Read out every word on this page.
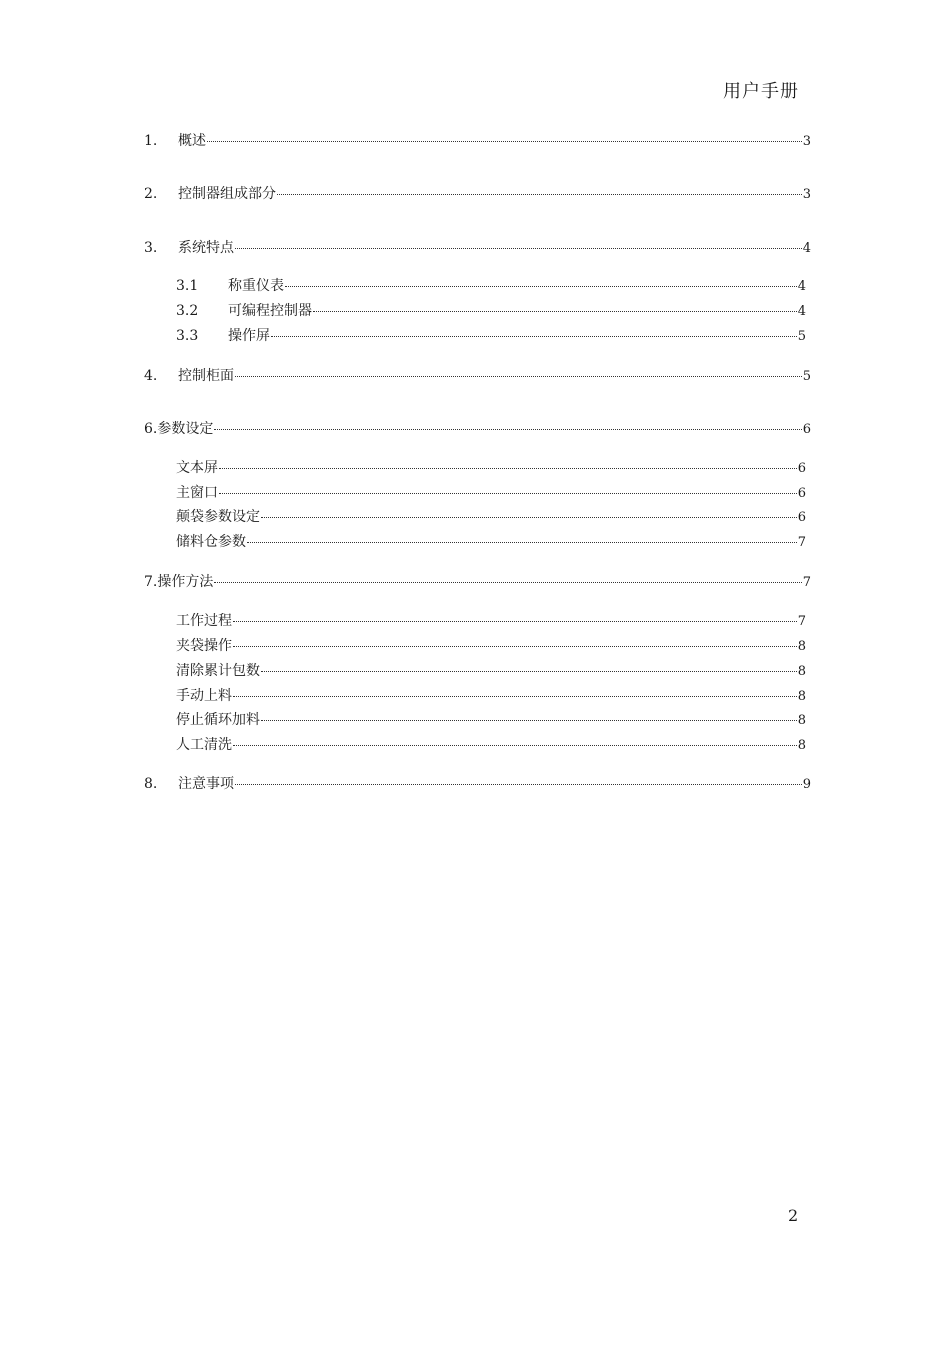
用户手册
1.	概述	3
2.	控制器组成部分	3
3.	系统特点	4
3.1	称重仪表	4
3.2	可编程控制器	4
3.3	操作屏	5
4.	控制柜面	5
6.参数设定	6
文本屏	6
主窗口	6
颠袋参数设定	6
储料仓参数	7
7.操作方法	7
工作过程	7
夹袋操作	8
清除累计包数	8
手动上料	8
停止循环加料	8
人工清洗	8
8.	注意事项	9
2
